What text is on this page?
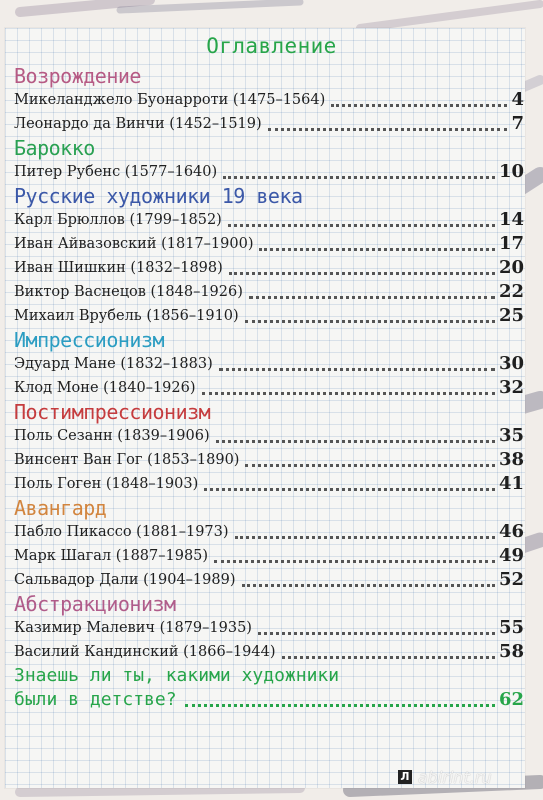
Оглавление
Возрождение
Микеланджело Буонарроти (1475–1564)	4
Леонардо да Винчи (1452–1519)	7
Барокко
Питер Рубенс (1577–1640)	10
Русские художники 19 века
Карл Брюллов (1799–1852)	14
Иван Айвазовский (1817–1900)	17
Иван Шишкин (1832–1898)	20
Виктор Васнецов (1848–1926)	22
Михаил Врубель (1856–1910)	25
Импрессионизм
Эдуард Мане (1832–1883)	30
Клод Моне (1840–1926)	32
Постимпрессионизм
Поль Сезанн (1839–1906)	35
Винсент Ван Гог (1853–1890)	38
Поль Гоген (1848–1903)	41
Авангард
Пабло Пикассо (1881–1973)	46
Марк Шагал (1887–1985)	49
Сальвадор Дали (1904–1989)	52
Абстракционизм
Казимир Малевич (1879–1935)	55
Василий Кандинский (1866–1944)	58
Знаешь ли ты, какими художники
были в детстве?	62
Л abirint.ru
